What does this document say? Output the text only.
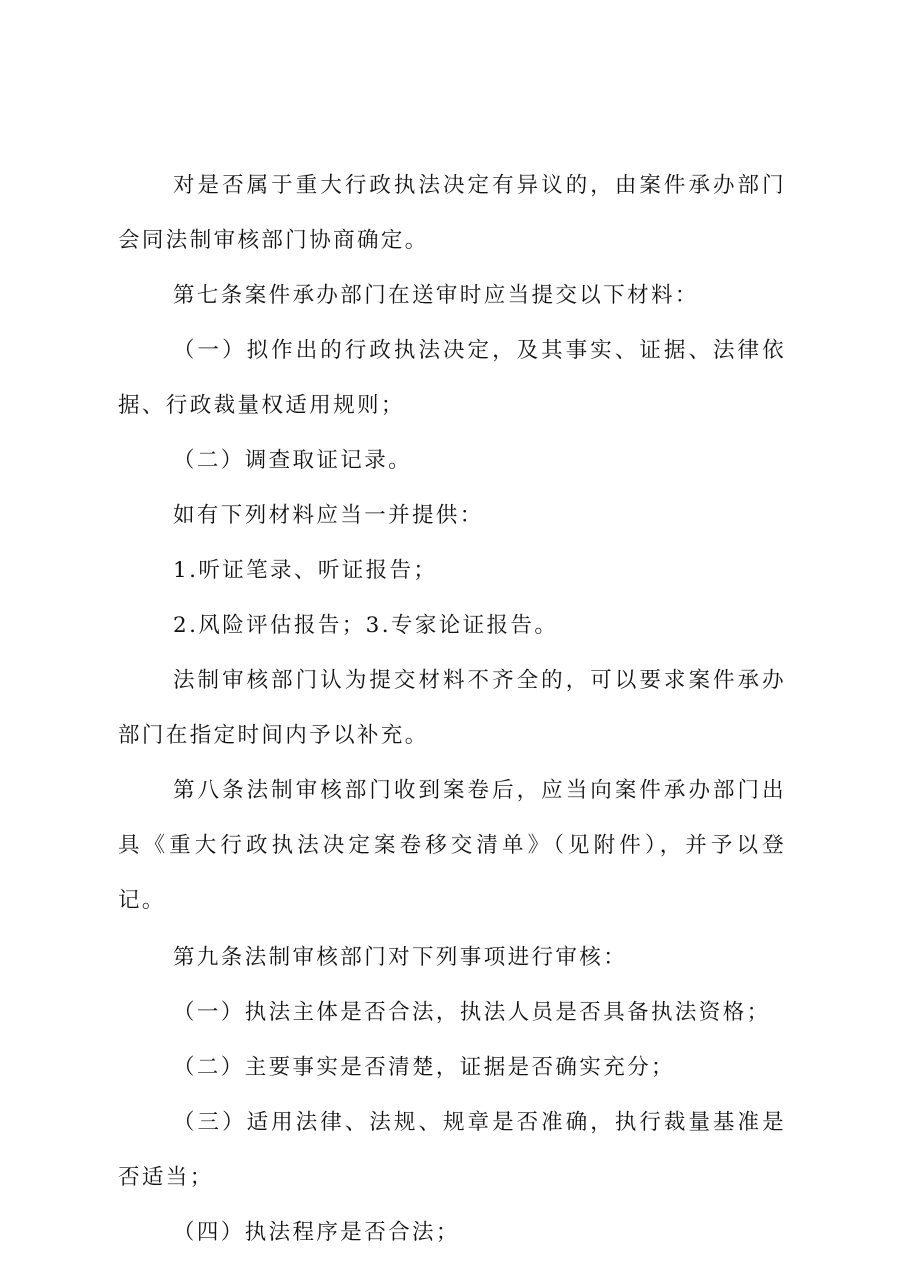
对是否属于重大行政执法决定有异议的，由案件承办部门会同法制审核部门协商确定。

第七条案件承办部门在送审时应当提交以下材料：

（一）拟作出的行政执法决定，及其事实、证据、法律依据、行政裁量权适用规则；

（二）调查取证记录。

如有下列材料应当一并提供：

1.听证笔录、听证报告；

2.风险评估报告；3.专家论证报告。

法制审核部门认为提交材料不齐全的，可以要求案件承办部门在指定时间内予以补充。

第八条法制审核部门收到案卷后，应当向案件承办部门出具《重大行政执法决定案卷移交清单》（见附件），并予以登记。

第九条法制审核部门对下列事项进行审核：

（一）执法主体是否合法，执法人员是否具备执法资格；

（二）主要事实是否清楚，证据是否确实充分；

（三）适用法律、法规、规章是否准确，执行裁量基准是否适当；

（四）执法程序是否合法；
